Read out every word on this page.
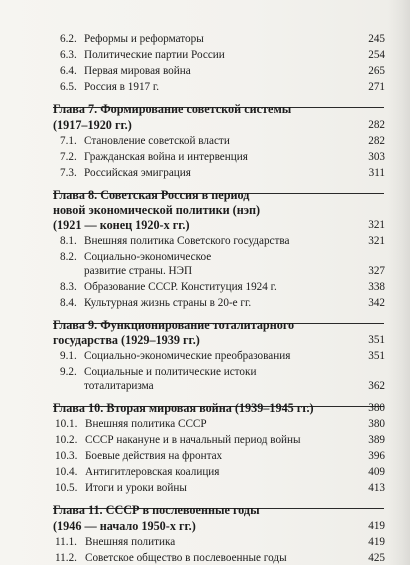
6.2. Реформы и реформаторы	245
6.3. Политические партии России	254
6.4. Первая мировая война	265
6.5. Россия в 1917 г.	271
Глава 7. Формирование советской системы
(1917–1920 гг.)	282
7.1. Становление советской власти	282
7.2. Гражданская война и интервенция	303
7.3. Российская эмиграция	311
Глава 8. Советская Россия в период
новой экономической политики (нэп)
(1921 — конец 1920-х гг.)	321
8.1. Внешняя политика Советского государства	321
8.2. Социально-экономическое
развитие страны. НЭП	327
8.3. Образование СССР. Конституция 1924 г.	338
8.4. Культурная жизнь страны в 20-е гг.	342
Глава 9. Функционирование тоталитарного
государства (1929–1939 гг.)	351
9.1. Социально-экономические преобразования	351
9.2. Социальные и политические истоки
тоталитаризма	362
Глава 10. Вторая мировая война (1939–1945 гг.)	380
10.1. Внешняя политика СССР	380
10.2. СССР накануне и в начальный период войны	389
10.3. Боевые действия на фронтах	396
10.4. Антигитлеровская коалиция	409
10.5. Итоги и уроки войны	413
Глава 11. СССР в послевоенные годы
(1946 — начало 1950-х гг.)	419
11.1. Внешняя политика	419
11.2. Советское общество в послевоенные годы	425
